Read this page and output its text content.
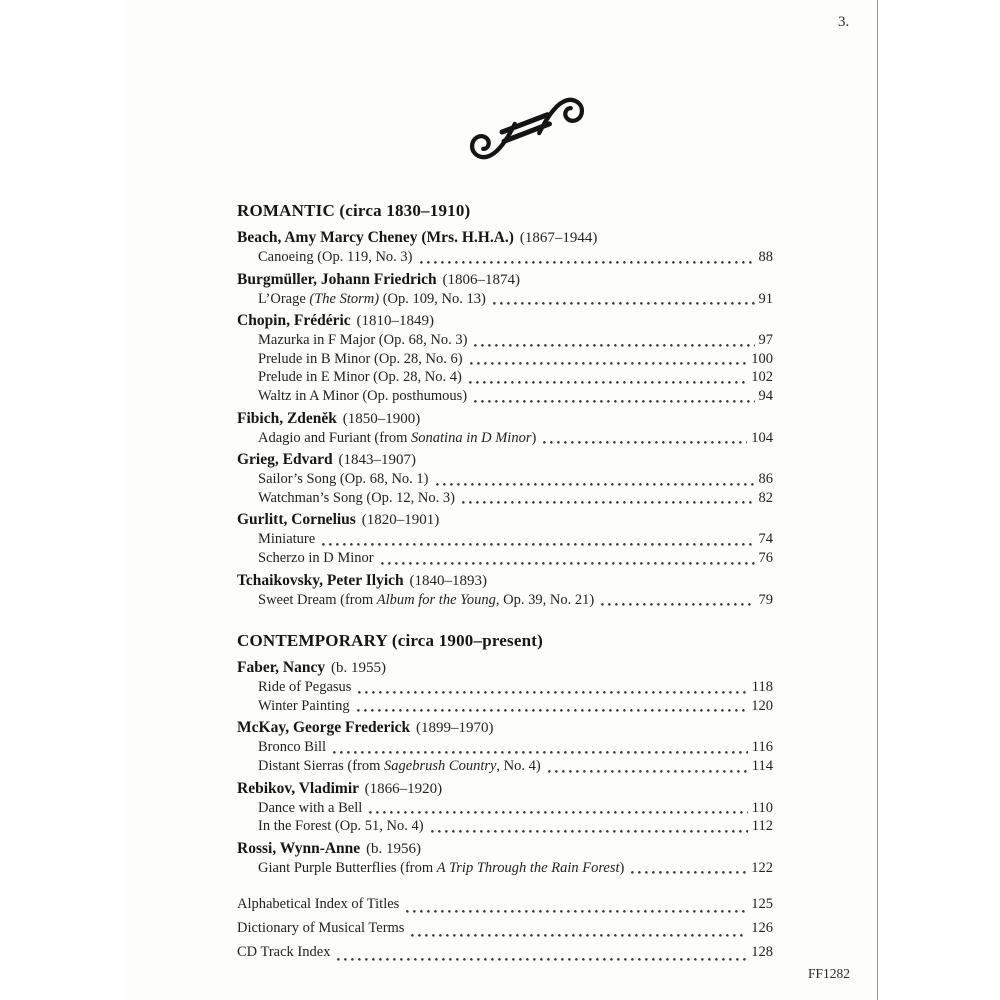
3.
ROMANTIC (circa 1830–1910)
Beach, Amy Marcy Cheney (Mrs. H.H.A.) (1867–1944)
Canoeing (Op. 119, No. 3)	88
Burgmüller, Johann Friedrich (1806–1874)
L’Orage (The Storm) (Op. 109, No. 13)	91
Chopin, Frédéric (1810–1849)
Mazurka in F Major (Op. 68, No. 3)	97
Prelude in B Minor (Op. 28, No. 6)	100
Prelude in E Minor (Op. 28, No. 4)	102
Waltz in A Minor (Op. posthumous)	94
Fibich, Zdeněk (1850–1900)
Adagio and Furiant (from Sonatina in D Minor)	104
Grieg, Edvard (1843–1907)
Sailor’s Song (Op. 68, No. 1)	86
Watchman’s Song (Op. 12, No. 3)	82
Gurlitt, Cornelius (1820–1901)
Miniature	74
Scherzo in D Minor	76
Tchaikovsky, Peter Ilyich (1840–1893)
Sweet Dream (from Album for the Young, Op. 39, No. 21)	79
CONTEMPORARY (circa 1900–present)
Faber, Nancy (b. 1955)
Ride of Pegasus	118
Winter Painting	120
McKay, George Frederick (1899–1970)
Bronco Bill	116
Distant Sierras (from Sagebrush Country, No. 4)	114
Rebikov, Vladimir (1866–1920)
Dance with a Bell	110
In the Forest (Op. 51, No. 4)	112
Rossi, Wynn-Anne (b. 1956)
Giant Purple Butterflies (from A Trip Through the Rain Forest)	122
Alphabetical Index of Titles	125
Dictionary of Musical Terms	126
CD Track Index	128
FF1282
